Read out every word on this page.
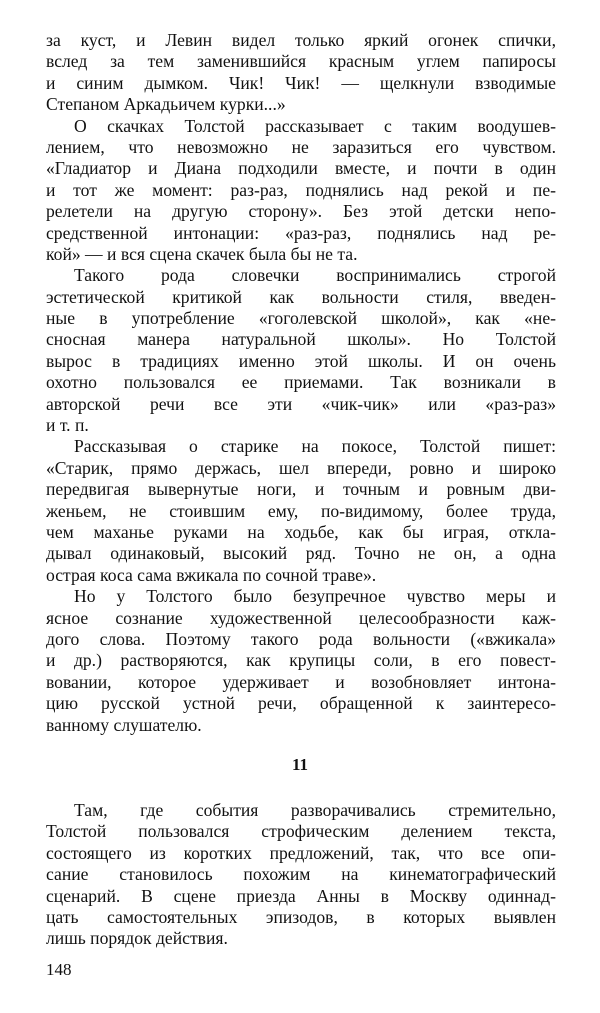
за куст, и Левин видел только яркий огонек спички,
вслед за тем заменившийся красным углем папиросы
и синим дымком. Чик! Чик! — щелкнули взводимые
Степаном Аркадьичем курки...»
О скачках Толстой рассказывает с таким воодушев-
лением, что невозможно не заразиться его чувством.
«Гладиатор и Диана подходили вместе, и почти в один
и тот же момент: раз-раз, поднялись над рекой и пе-
релетели на другую сторону». Без этой детски непо-
средственной интонации: «раз-раз, поднялись над ре-
кой» — и вся сцена скачек была бы не та.
Такого рода словечки воспринимались строгой
эстетической критикой как вольности стиля, введен-
ные в употребление «гоголевской школой», как «не-
сносная манера натуральной школы». Но Толстой
вырос в традициях именно этой школы. И он очень
охотно пользовался ее приемами. Так возникали в
авторской речи все эти «чик-чик» или «раз-раз»
и т. п.
Рассказывая о старике на покосе, Толстой пишет:
«Старик, прямо держась, шел впереди, ровно и широко
передвигая вывернутые ноги, и точным и ровным дви-
женьем, не стоившим ему, по-видимому, более труда,
чем маханье руками на ходьбе, как бы играя, откла-
дывал одинаковый, высокий ряд. Точно не он, а одна
острая коса сама вжикала по сочной траве».
Но у Толстого было безупречное чувство меры и
ясное сознание художественной целесообразности каж-
дого слова. Поэтому такого рода вольности («вжикала»
и др.) растворяются, как крупицы соли, в его повест-
вовании, которое удерживает и возобновляет интона-
цию русской устной речи, обращенной к заинтересо-
ванному слушателю.
11
Там, где события разворачивались стремительно,
Толстой пользовался строфическим делением текста,
состоящего из коротких предложений, так, что все опи-
сание становилось похожим на кинематографический
сценарий. В сцене приезда Анны в Москву одиннад-
цать самостоятельных эпизодов, в которых выявлен
лишь порядок действия.
148
